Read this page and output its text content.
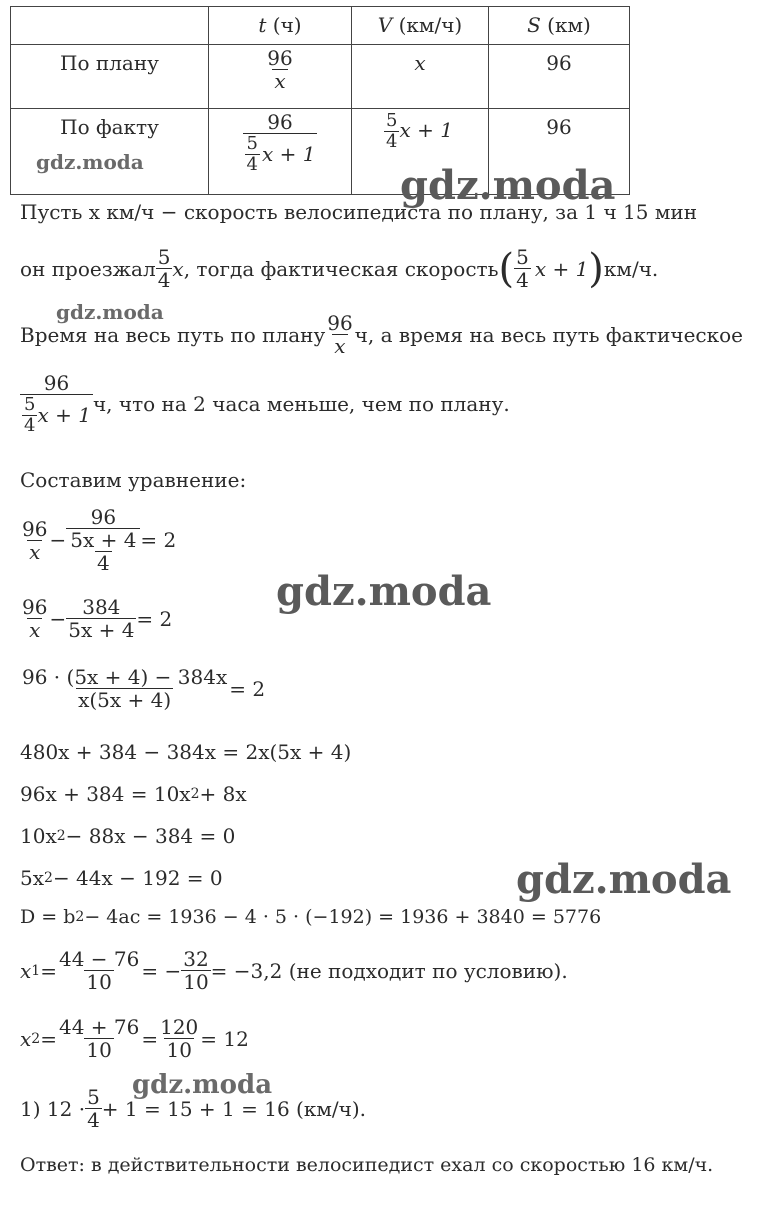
	t (ч)	V (км/ч)	S (км)
По плану	$\frac{96}{x}$	x	96
По факту	$\frac{96}{\frac{5}{4} x + 1}$	$\frac{5}{4}$ x + 1	96
gdz.moda	gdz.moda
gdz.moda
gdz.moda
gdz.moda
gdz.moda
Пусть x км/ч − скорость велосипедиста по плану, за 1 ч 15 мин
он проезжал $\frac{5}{4}$ x , тогда фактическая скорость ( $\frac{5}{4}$ x + 1 ) км/ч.
Время на весь путь по плану $\frac{96}{x} ч$, а время на весь путь фактическое
$\frac{96}{\frac{5}{4} x + 1} ч$, что на 2 часа меньше, чем по плану.
Составим уравнение:
$\frac{96}{x} - \frac{96}{\frac{5x + 4}{4}} = 2$
$\frac{96}{x} - \frac{384}{5x + 4} = 2$
$\frac{96 \cdot (5x + 4) - 384x}{x(5x + 4)} = 2$
480x + 384 − 384x = 2x(5x + 4)
96x + 384 = 10x 2 + 8x
10x 2 − 88x − 384 = 0
5x 2 − 44x − 192 = 0
D = b 2 − 4ac = 1936 − 4 · 5 · (−192) = 1936 + 3840 = 5776
x $1 = \frac{44 - 76}{10}$ = − $\frac{32}{10} = -3,2$ (не подходит по условию).
x $2 = \frac{44 + 76}{10} = \frac{120}{10} = 12$
1) $12 \cdot \frac{5}{4} + 1 = 15 + 1 = 16$ (км/ч).
Ответ: в действительности велосипедист ехал со скоростью 16 км/ч.
